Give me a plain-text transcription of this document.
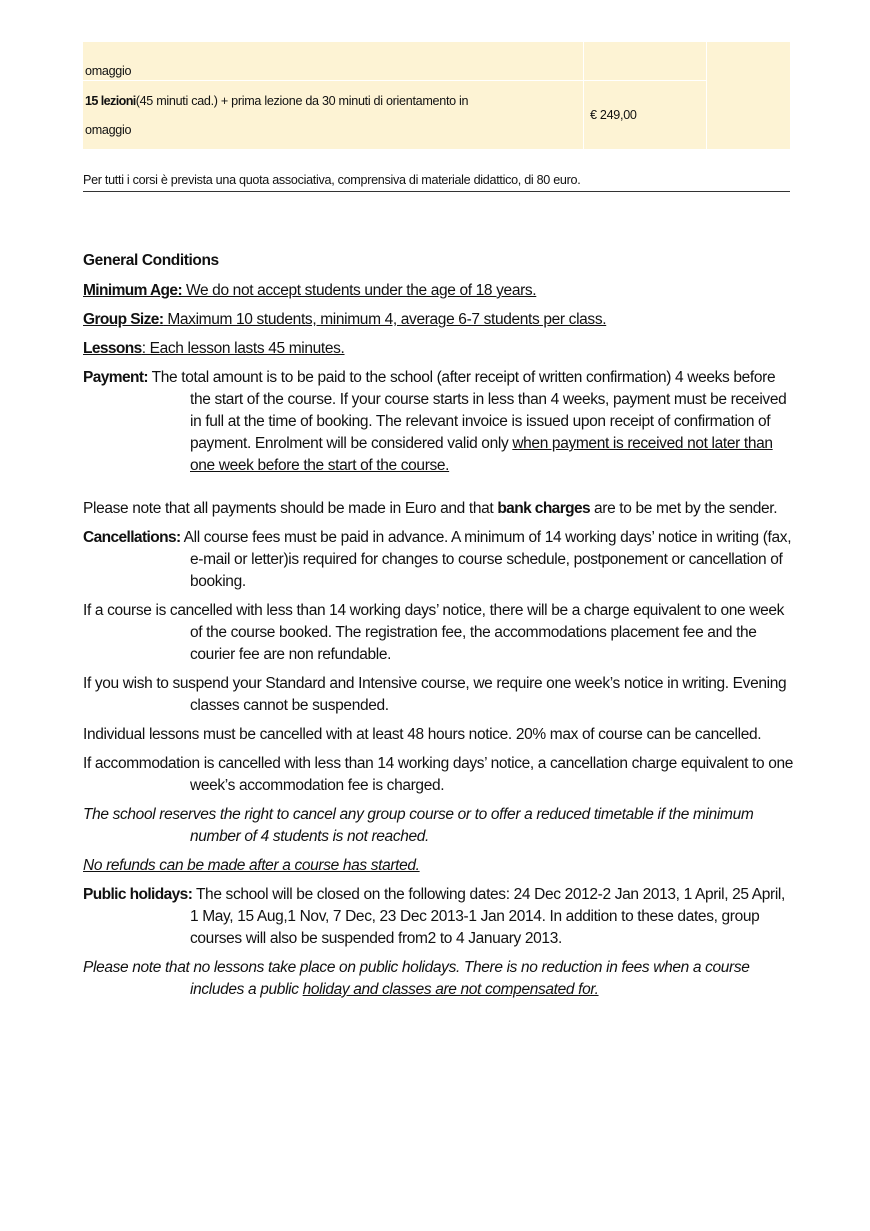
omaggio		
15 lezioni(45 minuti cad.) + prima lezione da 30 minuti di orientamento in
omaggio	€ 249,00	
Per tutti i corsi è prevista una quota associativa, comprensiva di materiale didattico, di 80 euro.
General Conditions
Minimum Age: We do not accept students under the age of 18 years.
Group Size: Maximum 10 students, minimum 4, average 6-7 students per class.
Lessons: Each lesson lasts 45 minutes.
Payment: The total amount is to be paid to the school (after receipt of written confirmation) 4 weeks before the start of the course. If your course starts in less than 4 weeks, payment must be received in full at the time of booking. The relevant invoice is issued upon receipt of confirmation of payment. Enrolment will be considered valid only when payment is received not later than one week before the start of the course.
Please note that all payments should be made in Euro and that bank charges are to be met by the sender.
Cancellations: All course fees must be paid in advance. A minimum of 14 working days’ notice in writing (fax, e-mail or letter)is required for changes to course schedule, postponement or cancellation of booking.
If a course is cancelled with less than 14 working days’ notice, there will be a charge equivalent to one week of the course booked. The registration fee, the accommodations placement fee and the courier fee are non refundable.
If you wish to suspend your Standard and Intensive course, we require one week’s notice in writing. Evening classes cannot be suspended.
Individual lessons must be cancelled with at least 48 hours notice. 20% max of course can be cancelled.
If accommodation is cancelled with less than 14 working days’ notice, a cancellation charge equivalent to one week’s accommodation fee is charged.
The school reserves the right to cancel any group course or to offer a reduced timetable if the minimum number of 4 students is not reached.
No refunds can be made after a course has started.
Public holidays: The school will be closed on the following dates: 24 Dec 2012-2 Jan 2013, 1 April, 25 April, 1 May, 15 Aug,1 Nov, 7 Dec, 23 Dec 2013-1 Jan 2014. In addition to these dates, group courses will also be suspended from2 to 4 January 2013.
Please note that no lessons take place on public holidays. There is no reduction in fees when a course includes a public holiday and classes are not compensated for.
